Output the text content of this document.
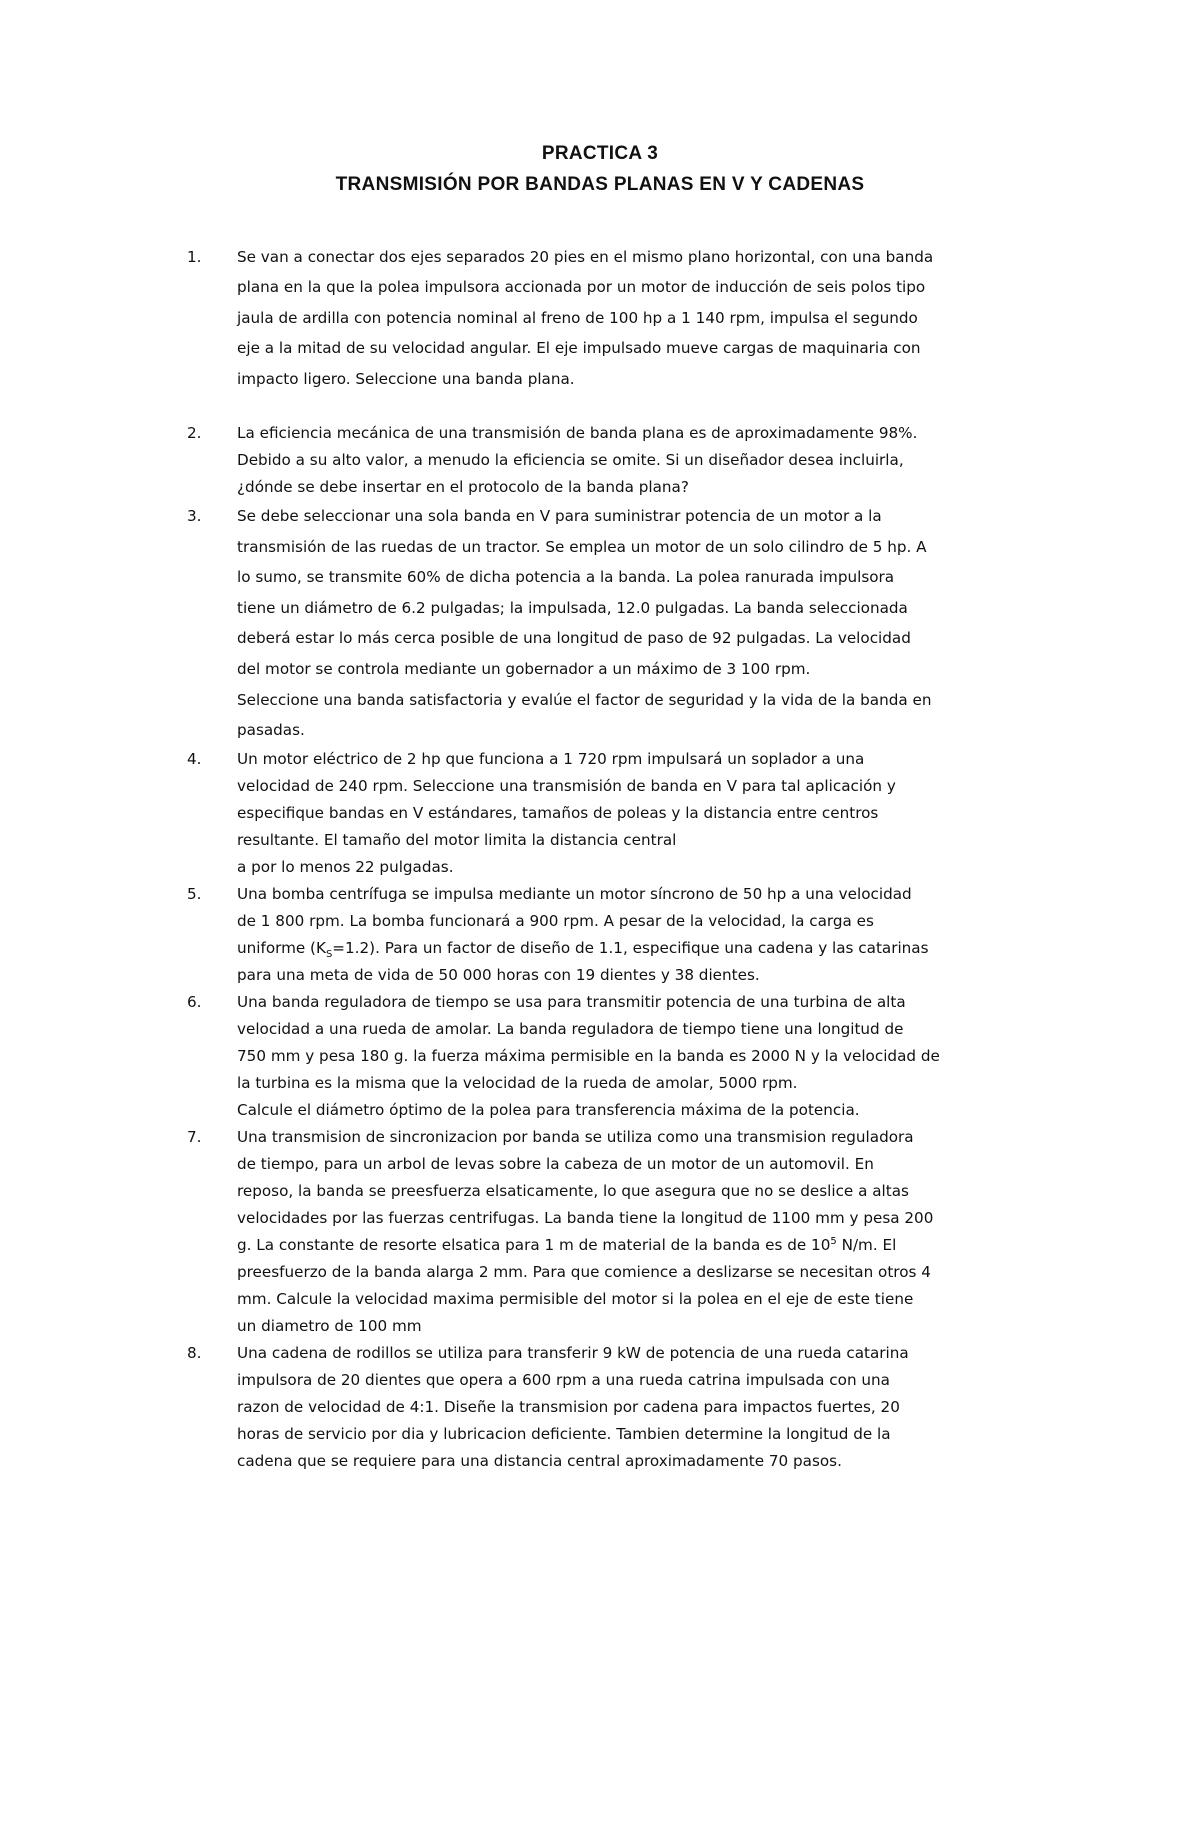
PRACTICA 3
TRANSMISIÓN POR BANDAS PLANAS EN V Y CADENAS
1. Se van a conectar dos ejes separados 20 pies en el mismo plano horizontal, con una banda
plana en la que la polea impulsora accionada por un motor de inducción de seis polos tipo
jaula de ardilla con potencia nominal al freno de 100 hp a 1 140 rpm, impulsa el segundo
eje a la mitad de su velocidad angular. El eje impulsado mueve cargas de maquinaria con
impacto ligero. Seleccione una banda plana.
2. La eficiencia mecánica de una transmisión de banda plana es de aproximadamente 98%.
Debido a su alto valor, a menudo la eficiencia se omite. Si un diseñador desea incluirla,
¿dónde se debe insertar en el protocolo de la banda plana?
3. Se debe seleccionar una sola banda en V para suministrar potencia de un motor a la
transmisión de las ruedas de un tractor. Se emplea un motor de un solo cilindro de 5 hp. A
lo sumo, se transmite 60% de dicha potencia a la banda. La polea ranurada impulsora
tiene un diámetro de 6.2 pulgadas; la impulsada, 12.0 pulgadas. La banda seleccionada
deberá estar lo más cerca posible de una longitud de paso de 92 pulgadas. La velocidad
del motor se controla mediante un gobernador a un máximo de 3 100 rpm.
Seleccione una banda satisfactoria y evalúe el factor de seguridad y la vida de la banda en
pasadas.
4. Un motor eléctrico de 2 hp que funciona a 1 720 rpm impulsará un soplador a una
velocidad de 240 rpm. Seleccione una transmisión de banda en V para tal aplicación y
especifique bandas en V estándares, tamaños de poleas y la distancia entre centros
resultante. El tamaño del motor limita la distancia central
a por lo menos 22 pulgadas.
5. Una bomba centrífuga se impulsa mediante un motor síncrono de 50 hp a una velocidad
de 1 800 rpm. La bomba funcionará a 900 rpm. A pesar de la velocidad, la carga es
uniforme $(K_S=1.2)$. Para un factor de diseño de 1.1, especifique una cadena y las catarinas
para una meta de vida de 50 000 horas con 19 dientes y 38 dientes.
6. Una banda reguladora de tiempo se usa para transmitir potencia de una turbina de alta
velocidad a una rueda de amolar. La banda reguladora de tiempo tiene una longitud de
750 mm y pesa 180 g. la fuerza máxima permisible en la banda es 2000 N y la velocidad de
la turbina es la misma que la velocidad de la rueda de amolar, 5000 rpm.
Calcule el diámetro óptimo de la polea para transferencia máxima de la potencia.
7. Una transmision de sincronizacion por banda se utiliza como una transmision reguladora
de tiempo, para un arbol de levas sobre la cabeza de un motor de un automovil. En
reposo, la banda se preesfuerza elsaticamente, lo que asegura que no se deslice a altas
velocidades por las fuerzas centrifugas. La banda tiene la longitud de 1100 mm y pesa 200
g. La constante de resorte elsatica para 1 m de material de la banda es de $10^5$ N/m. El
preesfuerzo de la banda alarga 2 mm. Para que comience a deslizarse se necesitan otros 4
mm. Calcule la velocidad maxima permisible del motor si la polea en el eje de este tiene
un diametro de 100 mm
8. Una cadena de rodillos se utiliza para transferir 9 kW de potencia de una rueda catarina
impulsora de 20 dientes que opera a 600 rpm a una rueda catrina impulsada con una
razon de velocidad de 4:1. Diseñe la transmision por cadena para impactos fuertes, 20
horas de servicio por dia y lubricacion deficiente. Tambien determine la longitud de la
cadena que se requiere para una distancia central aproximadamente 70 pasos.
